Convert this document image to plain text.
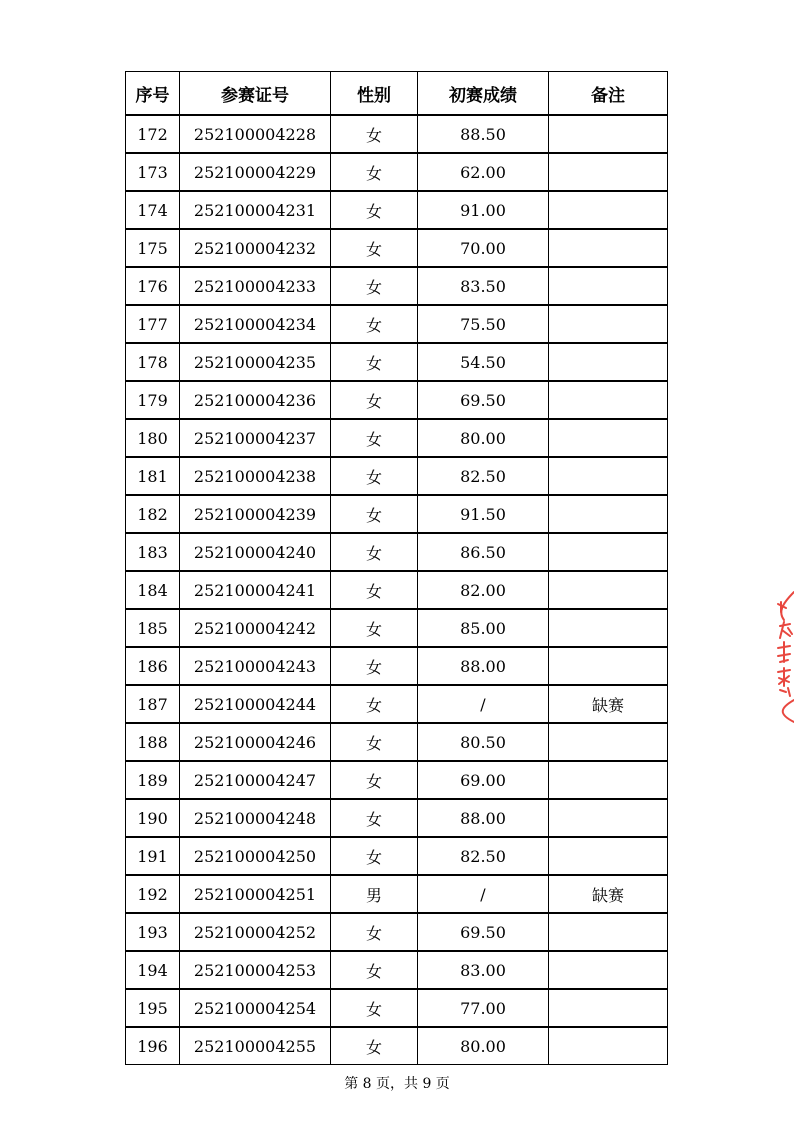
序号	参赛证号	性别	初赛成绩	备注
172	252100004228	女	88.50	
173	252100004229	女	62.00	
174	252100004231	女	91.00	
175	252100004232	女	70.00	
176	252100004233	女	83.50	
177	252100004234	女	75.50	
178	252100004235	女	54.50	
179	252100004236	女	69.50	
180	252100004237	女	80.00	
181	252100004238	女	82.50	
182	252100004239	女	91.50	
183	252100004240	女	86.50	
184	252100004241	女	82.00	
185	252100004242	女	85.00	
186	252100004243	女	88.00	
187	252100004244	女	/	缺赛
188	252100004246	女	80.50	
189	252100004247	女	69.00	
190	252100004248	女	88.00	
191	252100004250	女	82.50	
192	252100004251	男	/	缺赛
193	252100004252	女	69.50	
194	252100004253	女	83.00	
195	252100004254	女	77.00	
196	252100004255	女	80.00	
第 8 页，共 9 页
